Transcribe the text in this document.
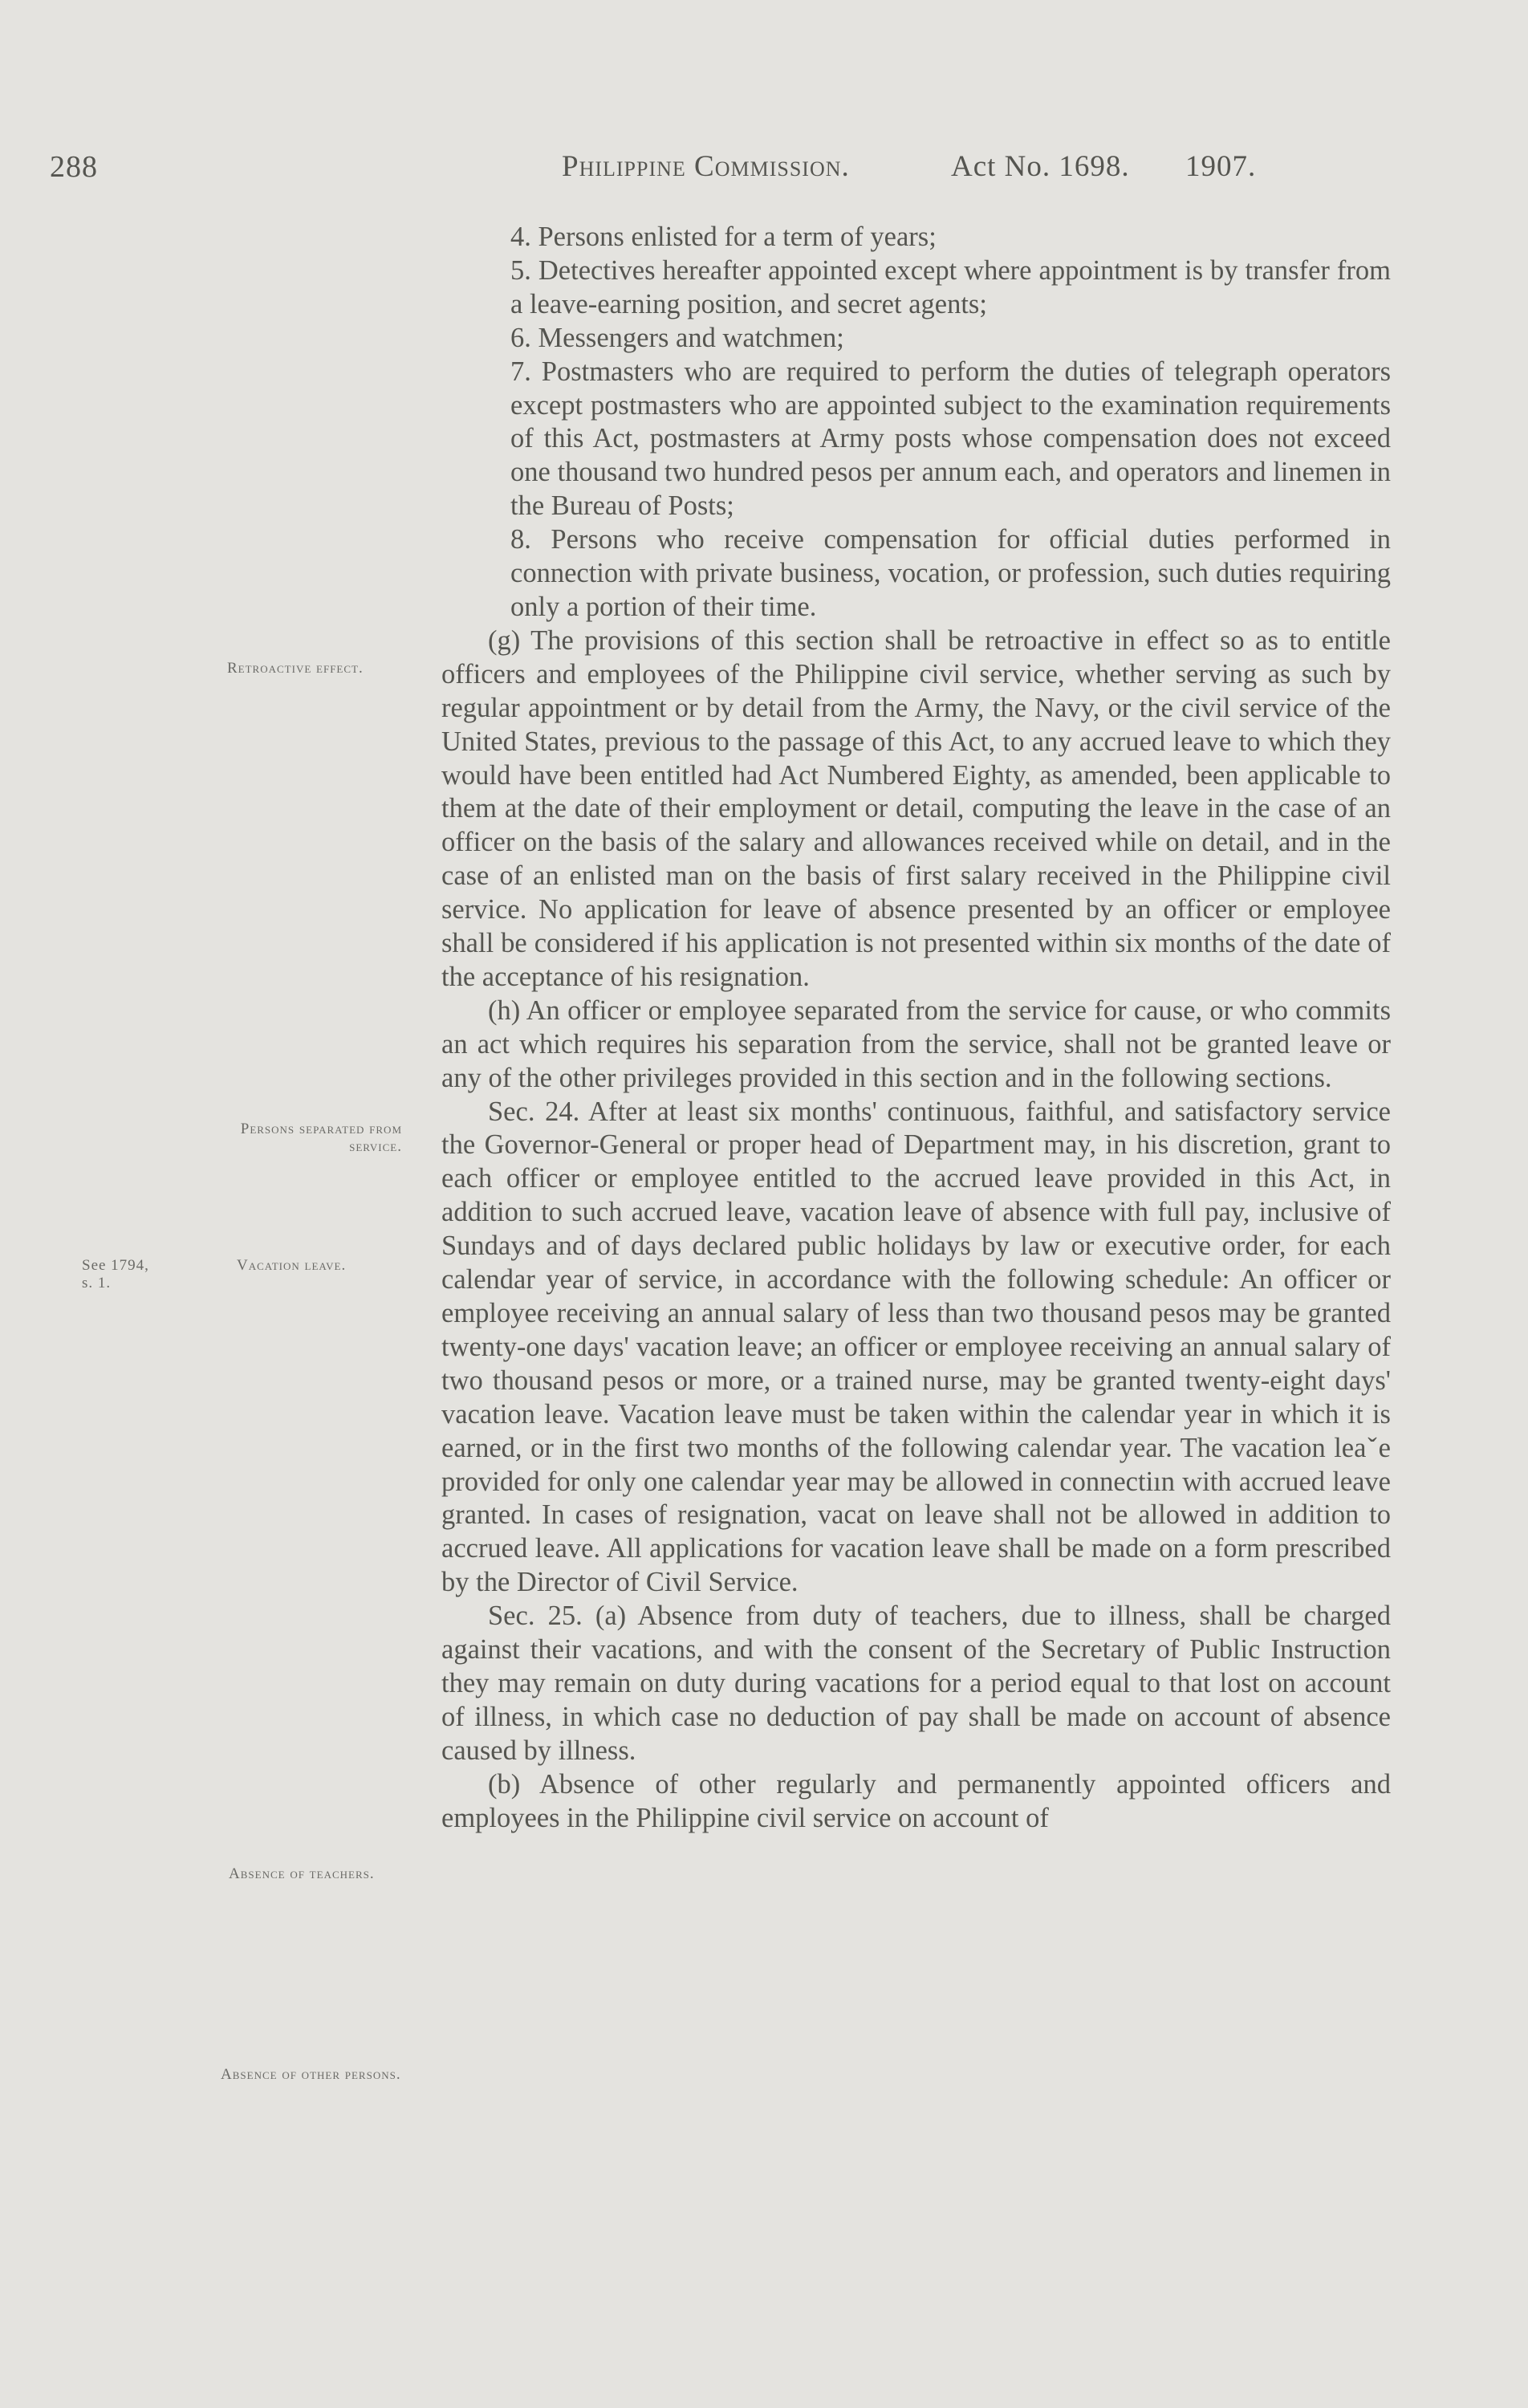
288	Philippine Commission.	Act No. 1698. 1907.
Retroactive effect.
Persons separated from service.
See 1794,
s. 1.
Vacation leave.
Absence of teachers.
Absence of other persons.

4. Persons enlisted for a term of years;

5. Detectives hereafter appointed except where appointment is by transfer from a leave-earning position, and secret agents;

6. Messengers and watchmen;

7. Postmasters who are required to perform the duties of telegraph operators except postmasters who are appointed subject to the examination requirements of this Act, postmasters at Army posts whose compensation does not exceed one thousand two hundred pesos per annum each, and operators and linemen in the Bureau of Posts;

8. Persons who receive compensation for official duties performed in connection with private business, vocation, or profession, such duties requiring only a portion of their time.

(g) The provisions of this section shall be retroactive in effect so as to entitle officers and employees of the Philippine civil service, whether serving as such by regular appointment or by detail from the Army, the Navy, or the civil service of the United States, previous to the passage of this Act, to any accrued leave to which they would have been entitled had Act Numbered Eighty, as amended, been applicable to them at the date of their employment or detail, computing the leave in the case of an officer on the basis of the salary and allowances received while on detail, and in the case of an enlisted man on the basis of first salary received in the Philippine civil service. No application for leave of absence presented by an officer or employee shall be considered if his application is not presented within six months of the date of the acceptance of his resignation.

(h) An officer or employee separated from the service for cause, or who commits an act which requires his separation from the service, shall not be granted leave or any of the other privileges provided in this section and in the following sections.

Sec. 24. After at least six months' continuous, faithful, and satisfactory service the Governor-General or proper head of Department may, in his discretion, grant to each officer or employee entitled to the accrued leave provided in this Act, in addition to such accrued leave, vacation leave of absence with full pay, inclusive of Sundays and of days declared public holidays by law or executive order, for each calendar year of service, in accordance with the following schedule: An officer or employee receiving an annual salary of less than two thousand pesos may be granted twenty-one days' vacation leave; an officer or employee receiving an annual salary of two thousand pesos or more, or a trained nurse, may be granted twenty-eight days' vacation leave. Vacation leave must be taken within the calendar year in which it is earned, or in the first two months of the following calendar year. The vacation leaˇe provided for only one calendar year may be allowed in connectiın with accrued leave granted. In cases of resignation, vacat on leave shall not be allowed in addition to accrued leave. All applications for vacation leave shall be made on a form prescribed by the Director of Civil Service.

Sec. 25. (a) Absence from duty of teachers, due to illness, shall be charged against their vacations, and with the consent of the Secretary of Public Instruction they may remain on duty during vacations for a period equal to that lost on account of illness, in which case no deduction of pay shall be made on account of absence caused by illness.

(b) Absence of other regularly and permanently appointed officers and employees in the Philippine civil service on account of
